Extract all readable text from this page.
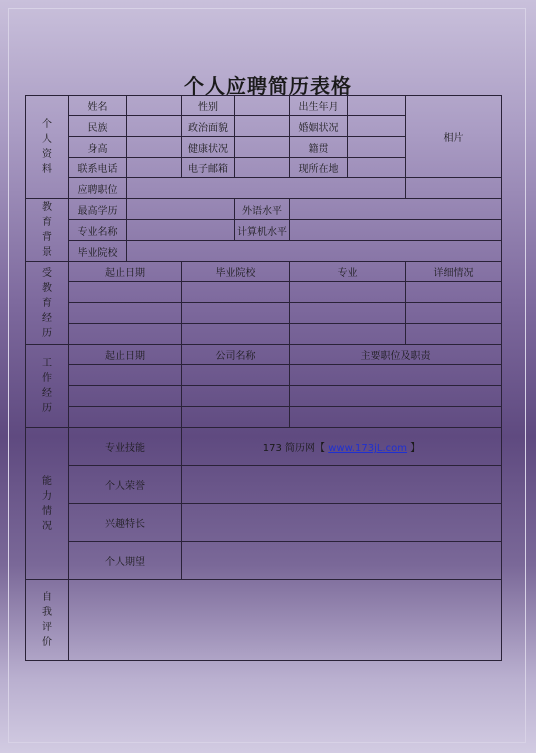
个人应聘简历表格
个
人
资
料	姓名		性别		出生年月		相片
	民族		政治面貌		婚姻状况		
	身高		健康状况		籍贯		
	联系电话		电子邮箱		现所在地		
	应聘职位						

教
育
背
景	最高学历			外语水平			
	专业名称			计算机水平			
	毕业院校						

受
教
育
经
历	起止日期		毕业院校		专业		详细情况

工
作
经
历	起止日期		公司名称		主要职位及职责		

能
力
情
况	专业技能		173 简历网【 www.173jL.com 】				
	个人荣誉						
	兴趣特长						
	个人期望						

自
我
评
价							
